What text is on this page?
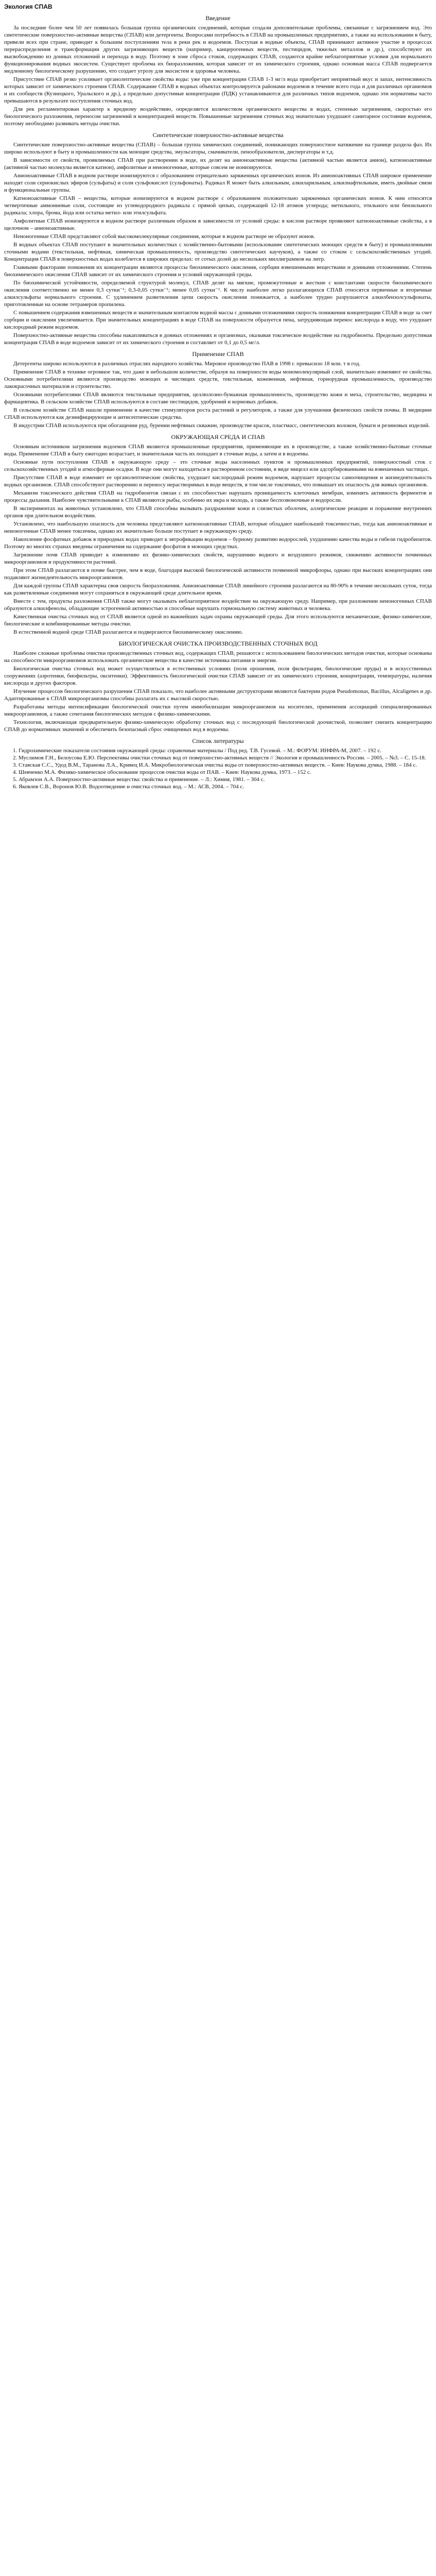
Экология СПАВ
Введение

За последние более чем 50 лет появилась большая группа органических соединений, которые создали дополнительные проблемы, связанные с загрязнением вод. Это синтетические поверхностно-активные вещества (СПАВ) или детергенты. Вопросами потребность в СПАВ на промышленных предприятиях, а также на использовании в быту, привели всех при стране, приводит к большим поступлениям тела в реки рек и водоемов. Поступая в водные объекты, СПАВ принимают активное участие в процессах перераспределения и трансформации других загрязняющих веществ (например, канцерогенных веществ, пестицидов, тяжелых металлов и др.), способствуют их высвобождению из донных отложений и перехода в воду. Поэтому в зоне сброса стоков, содержащих СПАВ, создаются крайне неблагоприятные условия для нормального функционирования водных экосистем. Существует проблема их биоразложения, которая зависит от их химического строения, однако основная масса СПАВ подвергается медленному биологическому разрушению, что создает угрозу для экосистем и здоровья человека.

Присутствие СПАВ резко усиливает органолептические свойства воды: уже при концентрации СПАВ 1-3 мг/л вода приобретает неприятный вкус и запах, интенсивность которых зависит от химического строения СПАВ. Содержание СПАВ в водных объектах контролируется районами водоемов в течение всего года и для различных организмов и их сообществ (Кузнецкого, Уральского и др.), а предельно допустимые концентрации (ПДК) устанавливаются для различных типов водоемов, однако эти нормативы часто превышаются в результате поступления сточных вод.

Для рек регламентирован характер к вредному воздействию, определяется количеством органического вещества в водах, степенью загрязнения, скоростью его биологического разложения, переносом загрязнений и концентрацией веществ. Повышенные загрязнения сточных вод значительно ухудшают санитарное состояние водоемов, поэтому необходимо развивать методы очистки.

Синтетические поверхностно-активные вещества

Синтетические поверхностно-активные вещества (СПАВ) – большая группа химических соединений, понижающих поверхностное натяжение на границе раздела фаз. Их широко используют в быту и промышленности как моющие средства, эмульгаторы, смачиватели, пенообразователи, диспергаторы и т.д.

В зависимости от свойств, проявляемых СПАВ при растворении в воде, их делят на анионоактивные вещества (активной частью является анион), катионоактивные (активной частью молекулы является катион), амфолитные и неионогенные, которые совсем не ионизируются.

Анионоактивные СПАВ в водном растворе ионизируются с образованием отрицательно заряженных органических ионов. Из анионоактивных СПАВ широкое применение находят соли сернокислых эфиров (сульфаты) и соли сульфокислот (сульфонаты). Радикал R может быть алкильным, алкиларильным, алкилнафтильным, иметь двойные связи и функциональные группы.

Катионоактивные СПАВ – вещества, которые ионизируются в водном растворе с образованием положительно заряженных органических ионов. К ним относятся четвертичные аммониевые соли, состоящие из углеводородного радикала с прямой цепью, содержащей 12-18 атомов углерода; метильного, этильного или бензильного радикала; хлора, брома, йода или остатка метил- или этилсульфата.

Амфолитные СПАВ ионизируются в водном растворе различным образом в зависимости от условий среды: в кислом растворе проявляют катионоактивные свойства, а в щелочном – анионоактивные.

Неионогенные СПАВ представляют собой высокомолекулярные соединения, которые в водном растворе не образуют ионов.

В водных объектах СПАВ поступают в значительных количествах с хозяйственно-бытовыми (использование синтетических моющих средств в быту) и промышленными сточными водами (текстильная, нефтяная, химическая промышленность, производство синтетических каучуков), а также со стоком с сельскохозяйственных угодий. Концентрация СПАВ в поверхностных водах колеблется в широких пределах: от сотых долей до нескольких миллиграммов на литр.

Главными факторами понижения их концентрации являются процессы биохимического окисления, сорбции взвешенными веществами и донными отложениями. Степень биохимического окисления СПАВ зависит от их химического строения и условий окружающей среды.

По биохимической устойчивости, определяемой структурой молекул, СПАВ делят на мягкие, промежуточные и жесткие с константами скорости биохимического окисления соответственно не менее 0,3 сутки⁻¹; 0,3-0,05 сутки⁻¹; менее 0,05 сутки⁻¹. К числу наиболее легко разлагающихся СПАВ относятся первичные и вторичные алкилсульфаты нормального строения. С удлинением разветвления цепи скорость окисления понижается, а наиболее трудно разрушаются алкилбензолсульфонаты, приготовленные на основе тетрамеров пропилена.

С повышением содержания взвешенных веществ и значительным контактом водной массы с донными отложениями скорость понижения концентрации СПАВ в воде за счет сорбции и окисления увеличивается. При значительных концентрациях в воде СПАВ на поверхности образуется пена, затрудняющая перенос кислорода в воду, что ухудшает кислородный режим водоемов.

Поверхностно-активные вещества способны накапливаться в донных отложениях и организмах, оказывая токсическое воздействие на гидробионты. Предельно допустимая концентрация СПАВ в воде водоемов зависит от их химического строения и составляет от 0,1 до 0,5 мг/л.

Применение СПАВ

Детергенты широко используются в различных отраслях народного хозяйства. Мировое производство ПАВ в 1998 г. превысило 18 млн. т в год.

Применение СПАВ в технике огромное так, что даже в небольшом количестве, образуя на поверхности воды мономолекулярный слой, значительно изменяют ее свойства. Основными потребителями являются производство моющих и чистящих средств, текстильная, кожевенная, нефтяная, горнорудная промышленность, производство лакокрасочных материалов и строительство.

Основными потребителями СПАВ являются текстильные предприятия, целлюлозно-бумажная промышленность, производство кожи и меха, строительство, медицина и фармацевтика. В сельском хозяйстве СПАВ используются в составе пестицидов, удобрений и кормовых добавок.

В сельском хозяйстве СПАВ нашли применение в качестве стимуляторов роста растений и регуляторов, а также для улучшения физических свойств почвы. В медицине СПАВ используются как дезинфицирующие и антисептические средства.

В индустрии СПАВ используются при обогащении руд, бурении нефтяных скважин, производстве красок, пластмасс, синтетических волокон, бумаги и резиновых изделий.

ОКРУЖАЮЩАЯ СРЕДА И СПАВ

Основным источником загрязнения водоемов СПАВ являются промышленные предприятия, применяющие их в производстве, а также хозяйственно-бытовые сточные воды. Применение СПАВ в быту ежегодно возрастает, и значительная часть их попадает в сточные воды, а затем и в водоемы.

Основные пути поступления СПАВ в окружающую среду – это сточные воды населенных пунктов и промышленных предприятий, поверхностный сток с сельскохозяйственных угодий и атмосферные осадки. В воде они могут находиться в растворенном состоянии, в виде мицелл или адсорбированными на взвешенных частицах.

Присутствие СПАВ в воде изменяет ее органолептические свойства, ухудшает кислородный режим водоемов, нарушает процессы самоочищения и жизнедеятельность водных организмов. СПАВ способствуют растворению и переносу нерастворимых в воде веществ, в том числе токсичных, что повышает их опасность для живых организмов.

Механизм токсического действия СПАВ на гидробионтов связан с их способностью нарушать проницаемость клеточных мембран, изменять активность ферментов и процессы дыхания. Наиболее чувствительными к СПАВ являются рыбы, особенно их икра и молодь, а также беспозвоночные и водоросли.

В экспериментах на животных установлено, что СПАВ способны вызывать раздражение кожи и слизистых оболочек, аллергические реакции и поражение внутренних органов при длительном воздействии.

Установлено, что наибольшую опасность для человека представляют катионоактивные СПАВ, которые обладают наибольшей токсичностью, тогда как анионоактивные и неионогенные СПАВ менее токсичны, однако их значительно больше поступает в окружающую среду.

Накопление фосфатных добавок в природных водах приводит к эвтрофикации водоемов – бурному развитию водорослей, ухудшению качества воды и гибели гидробионтов. Поэтому во многих странах введены ограничения на содержание фосфатов в моющих средствах.

Загрязнение почв СПАВ приводит к изменению их физико-химических свойств, нарушению водного и воздушного режимов, снижению активности почвенных микроорганизмов и продуктивности растений.

При этом СПАВ разлагаются в почве быстрее, чем в воде, благодаря высокой биологической активности почвенной микрофлоры, однако при высоких концентрациях они подавляют жизнедеятельность микроорганизмов.

Для каждой группы СПАВ характерна своя скорость биоразложения. Анионоактивные СПАВ линейного строения разлагаются на 80-90% в течение нескольких суток, тогда как разветвленные соединения могут сохраняться в окружающей среде длительное время.

Вместе с тем, продукты разложения СПАВ также могут оказывать неблагоприятное воздействие на окружающую среду. Например, при разложении неионогенных СПАВ образуются алкилфенолы, обладающие эстрогенной активностью и способные нарушать гормональную систему животных и человека.

Качественная очистка сточных вод от СПАВ является одной из важнейших задач охраны окружающей среды. Для этого используются механические, физико-химические, биологические и комбинированные методы очистки.

В естественной водной среде СПАВ разлагаются и подвергаются биохимическому окислению.

БИОЛОГИЧЕСКАЯ ОЧИСТКА ПРОИЗВОДСТВЕННЫХ СТОЧНЫХ ВОД

Наиболее сложные проблемы очистки производственных сточных вод, содержащих СПАВ, решаются с использованием биологических методов очистки, которые основаны на способности микроорганизмов использовать органические вещества в качестве источника питания и энергии.

Биологическая очистка сточных вод может осуществляться в естественных условиях (поля орошения, поля фильтрации, биологические пруды) и в искусственных сооружениях (аэротенки, биофильтры, окситенки). Эффективность биологической очистки СПАВ зависит от их химического строения, концентрации, температуры, наличия кислорода и других факторов.

Изучение процессов биологического разрушения СПАВ показало, что наиболее активными деструкторами являются бактерии родов Pseudomonas, Bacillus, Alcaligenes и др. Адаптированные к СПАВ микроорганизмы способны разлагать их с высокой скоростью.

Разработаны методы интенсификации биологической очистки путем иммобилизации микроорганизмов на носителях, применения ассоциаций специализированных микроорганизмов, а также сочетания биологических методов с физико-химическими.

Технология, включающая предварительную физико-химическую обработку сточных вод с последующей биологической доочисткой, позволяет снизить концентрацию СПАВ до нормативных значений и обеспечить безопасный сброс очищенных вод в водоемы.

Список литературы
1. Гидрохимические показатели состояния окружающей среды: справочные материалы / Под ред. Т.В. Гусевой. – М.: ФОРУМ: ИНФРА-М, 2007. – 192 с.
2. Муслимов Г.Н., Белоусова Е.Ю. Перспективы очистки сточных вод от поверхностно-активных веществ // Экология и промышленность России. – 2005. – №3. – С. 15-18.
3. Ставская С.С., Удод В.М., Таранова Л.А., Кривец И.А. Микробиологическая очистка воды от поверхностно-активных веществ. – Киев: Наукова думка, 1988. – 184 с.
4. Шевченко М.А. Физико-химическое обоснование процессов очистки воды от ПАВ. – Киев: Наукова думка, 1973. – 152 с.
5. Абрамзон А.А. Поверхностно-активные вещества: свойства и применение. – Л.: Химия, 1981. – 304 с.
6. Яковлев С.В., Воронов Ю.В. Водоотведение и очистка сточных вод. – М.: АСВ, 2004. – 704 с.
